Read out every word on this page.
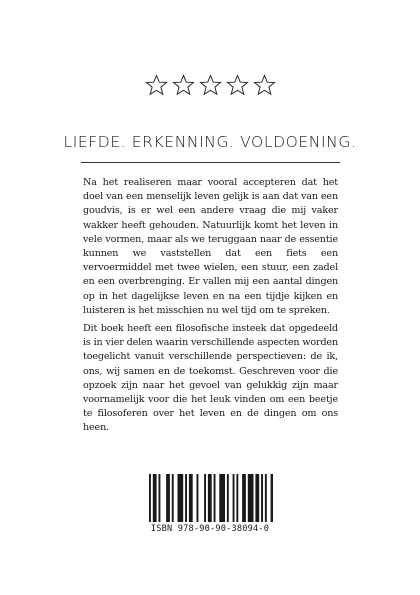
LIEFDE. ERKENNING. VOLDOENING.

Na het realiseren maar vooral accepteren dat het doel van een menselijk leven gelijk is aan dat van een goudvis, is er wel een andere vraag die mij vaker wakker heeft gehouden. Natuurlijk komt het leven in vele vormen, maar als we teruggaan naar de essentie kunnen we vaststellen dat een fiets een vervoermiddel met twee wielen, een stuur, een zadel en een overbrenging. Er vallen mij een aantal dingen op in het dagelijkse leven en na een tijdje kijken en luisteren is het misschien nu wel tijd om te spreken.

Dit boek heeft een filosofische insteek dat opgedeeld is in vier delen waarin verschillende aspecten worden toegelicht vanuit verschillende perspectieven: de ik, ons, wij samen en de toekomst. Geschreven voor die opzoek zijn naar het gevoel van gelukkig zijn maar voornamelijk voor die het leuk vinden om een beetje te filosoferen over het leven en de dingen om ons heen.

ISBN 978-90-90-38094-0
